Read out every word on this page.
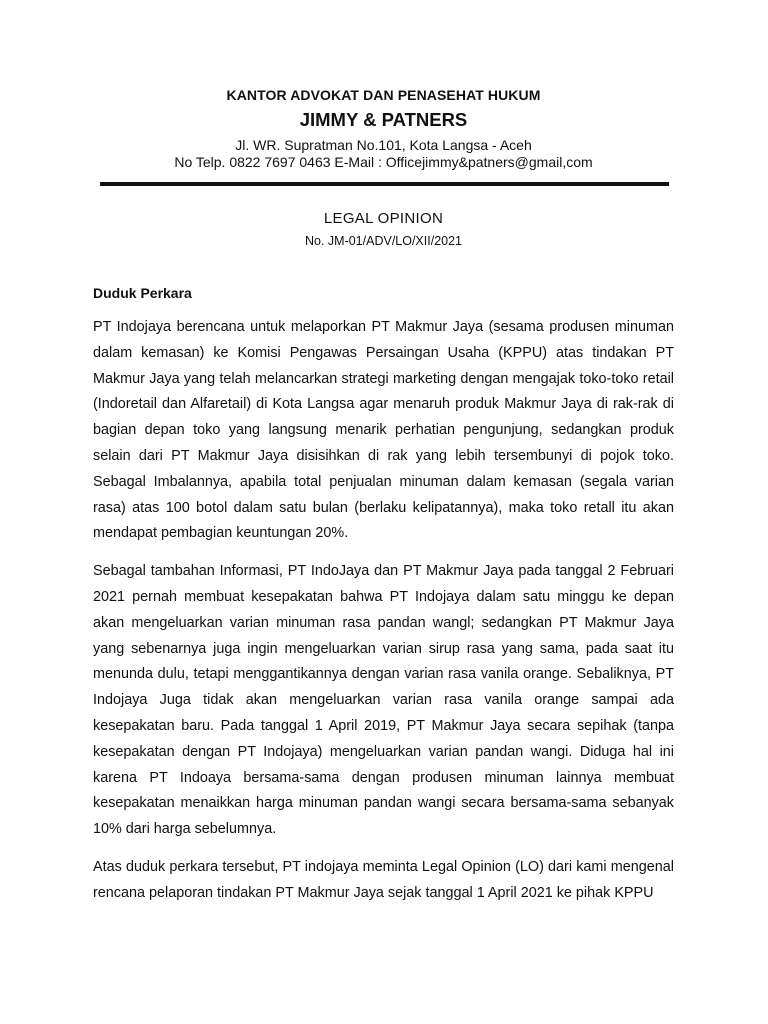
KANTOR ADVOKAT DAN PENASEHAT HUKUM
JIMMY & PATNERS
Jl. WR. Supratman No.101, Kota Langsa - Aceh
No Telp. 0822 7697 0463 E-Mail : Officejimmy&patners@gmail,com
LEGAL OPINION
No. JM-01/ADV/LO/XII/2021
Duduk Perkara

PT Indojaya berencana untuk melaporkan PT Makmur Jaya (sesama produsen minuman dalam kemasan) ke Komisi Pengawas Persaingan Usaha (KPPU) atas tindakan PT Makmur Jaya yang telah melancarkan strategi marketing dengan mengajak toko-toko retail (Indoretail dan Alfaretail) di Kota Langsa agar menaruh produk Makmur Jaya di rak-rak di bagian depan toko yang langsung menarik perhatian pengunjung, sedangkan produk selain dari PT Makmur Jaya disisihkan di rak yang lebih tersembunyi di pojok toko. Sebagal Imbalannya, apabila total penjualan minuman dalam kemasan (segala varian rasa) atas 100 botol dalam satu bulan (berlaku kelipatannya), maka toko retall itu akan mendapat pembagian keuntungan 20%.

Sebagal tambahan Informasi, PT IndoJaya dan PT Makmur Jaya pada tanggal 2 Februari 2021 pernah membuat kesepakatan bahwa PT Indojaya dalam satu minggu ke depan akan mengeluarkan varian minuman rasa pandan wangl; sedangkan PT Makmur Jaya yang sebenarnya juga ingin mengeluarkan varian sirup rasa yang sama, pada saat itu menunda dulu, tetapi menggantikannya dengan varian rasa vanila orange. Sebaliknya, PT Indojaya Juga tidak akan mengeluarkan varian rasa vanila orange sampai ada kesepakatan baru. Pada tanggal 1 April 2019, PT Makmur Jaya secara sepihak (tanpa kesepakatan dengan PT Indojaya) mengeluarkan varian pandan wangi. Diduga hal ini karena PT Indoaya bersama-sama dengan produsen minuman lainnya membuat kesepakatan menaikkan harga minuman pandan wangi secara bersama-sama sebanyak 10% dari harga sebelumnya.

Atas duduk perkara tersebut, PT indojaya meminta Legal Opinion (LO) dari kami mengenal rencana pelaporan tindakan PT Makmur Jaya sejak tanggal 1 April 2021 ke pihak KPPU
